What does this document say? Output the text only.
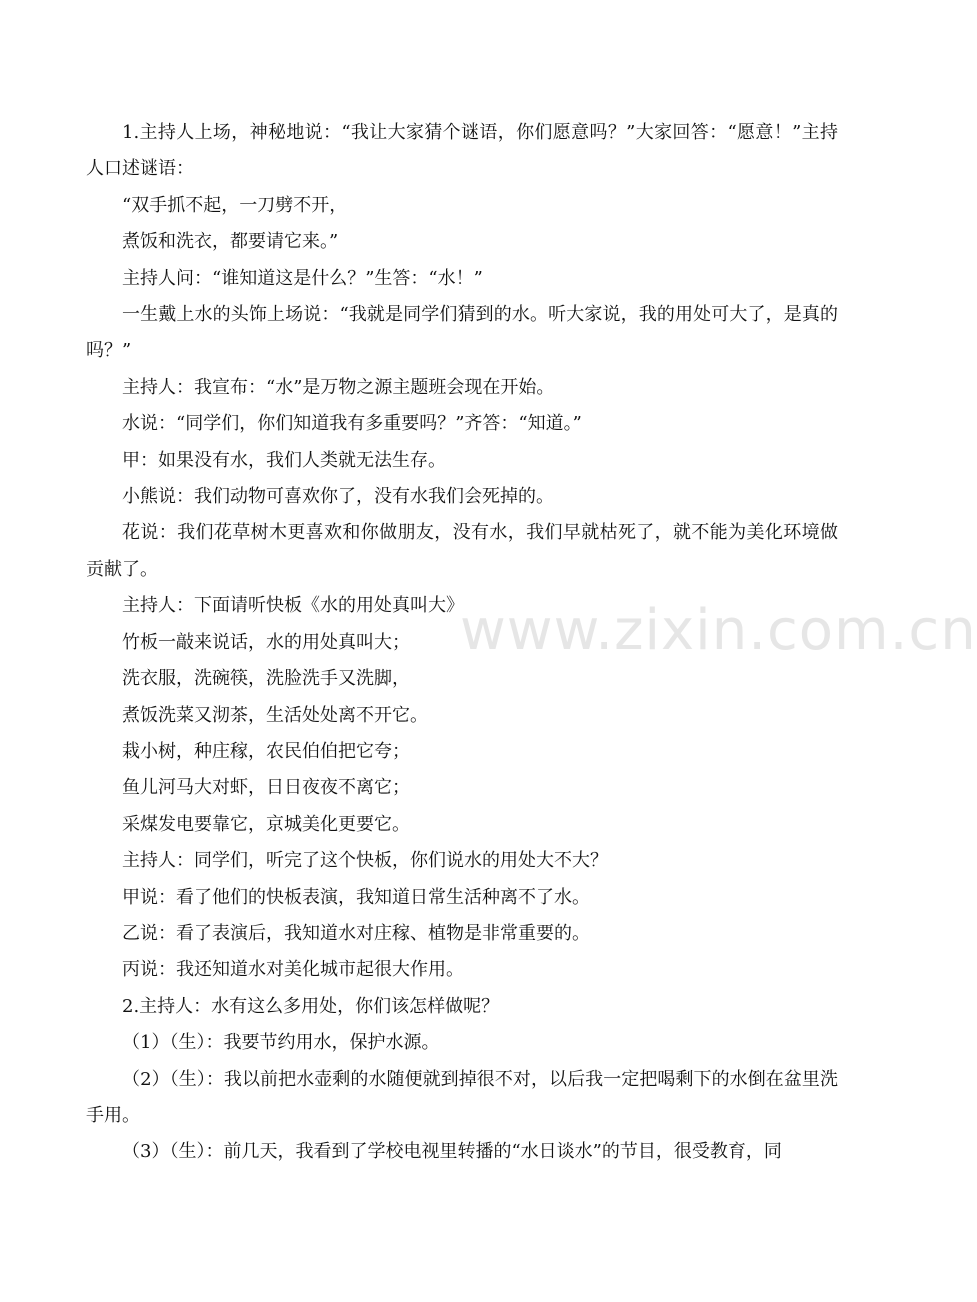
www.zixin.com.cn

1.主持人上场，神秘地说：“我让大家猜个谜语，你们愿意吗？”大家回答：“愿意！”主持人口述谜语：

“双手抓不起，一刀劈不开，

煮饭和洗衣，都要请它来。”

主持人问：“谁知道这是什么？”生答：“水！”

一生戴上水的头饰上场说：“我就是同学们猜到的水。听大家说，我的用处可大了，是真的吗？”

主持人：我宣布：“水”是万物之源主题班会现在开始。

水说：“同学们，你们知道我有多重要吗？”齐答：“知道。”

甲：如果没有水，我们人类就无法生存。

小熊说：我们动物可喜欢你了，没有水我们会死掉的。

花说：我们花草树木更喜欢和你做朋友，没有水，我们早就枯死了，就不能为美化环境做贡献了。

主持人：下面请听快板《水的用处真叫大》

竹板一敲来说话，水的用处真叫大；

洗衣服，洗碗筷，洗脸洗手又洗脚，

煮饭洗菜又沏茶，生活处处离不开它。

栽小树，种庄稼，农民伯伯把它夸；

鱼儿河马大对虾，日日夜夜不离它；

采煤发电要靠它，京城美化更要它。

主持人：同学们，听完了这个快板，你们说水的用处大不大？

甲说：看了他们的快板表演，我知道日常生活种离不了水。

乙说：看了表演后，我知道水对庄稼、植物是非常重要的。

丙说：我还知道水对美化城市起很大作用。

2.主持人：水有这么多用处，你们该怎样做呢？

（1）（生）：我要节约用水，保护水源。

（2）（生）：我以前把水壶剩的水随便就到掉很不对，以后我一定把喝剩下的水倒在盆里洗手用。

（3）（生）：前几天，我看到了学校电视里转播的“水日谈水”的节目，很受教育，同
